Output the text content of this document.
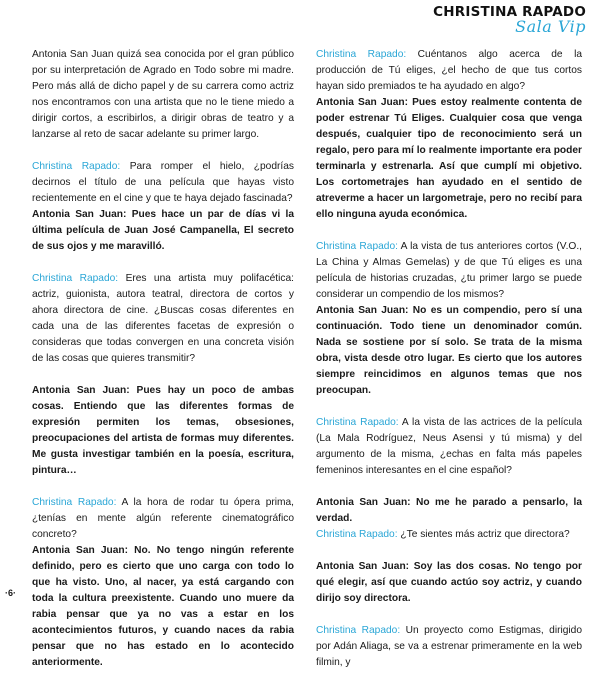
CHRISTINA RAPADO
Sala Vip

Antonia San Juan quizá sea conocida por el gran público por su interpretación de Agrado en Todo sobre mi madre. Pero más allá de dicho papel y de su carrera como actriz nos encontramos con una artista que no le tiene miedo a dirigir cortos, a escribirlos, a dirigir obras de teatro y a lanzarse al reto de sacar adelante su primer largo.

Christina Rapado: Para romper el hielo, ¿podrías decirnos el título de una película que hayas visto recientemente en el cine y que te haya dejado fascinada?

Antonia San Juan: Pues hace un par de días vi la última película de Juan José Campanella, El secreto de sus ojos y me maravilló.

Christina Rapado: Eres una artista muy polifacética: actriz, guionista, autora teatral, directora de cortos y ahora directora de cine. ¿Buscas cosas diferentes en cada una de las diferentes facetas de expresión o consideras que todas convergen en una concreta visión de las cosas que quieres transmitir?

Antonia San Juan: Pues hay un poco de ambas cosas. Entiendo que las diferentes formas de expresión permiten los temas, obsesiones, preocupaciones del artista de formas muy diferentes. Me gusta investigar también en la poesía, escritura, pintura…

Christina Rapado: A la hora de rodar tu ópera prima, ¿tenías en mente algún referente cinematográfico concreto?

Antonia San Juan: No. No tengo ningún referente definido, pero es cierto que uno carga con todo lo que ha visto. Uno, al nacer, ya está cargando con toda la cultura preexistente. Cuando uno muere da rabia pensar que ya no vas a estar en los acontecimientos futuros, y cuando naces da rabia pensar que no has estado en lo acontecido anteriormente.

Christina Rapado: Cuéntanos algo acerca de la producción de Tú eliges, ¿el hecho de que tus cortos hayan sido premiados te ha ayudado en algo?

Antonia San Juan: Pues estoy realmente contenta de poder estrenar Tú Eliges. Cualquier cosa que venga después, cualquier tipo de reconocimiento será un regalo, pero para mí lo realmente importante era poder terminarla y estrenarla. Así que cumplí mi objetivo. Los cortometrajes han ayudado en el sentido de atreverme a hacer un largometraje, pero no recibí para ello ninguna ayuda económica.

Christina Rapado: A la vista de tus anteriores cortos (V.O., La China y Almas Gemelas) y de que Tú eliges es una película de historias cruzadas, ¿tu primer largo se puede considerar un compendio de los mismos?

Antonia San Juan: No es un compendio, pero sí una continuación. Todo tiene un denominador común. Nada se sostiene por sí solo. Se trata de la misma obra, vista desde otro lugar. Es cierto que los autores siempre reincidimos en algunos temas que nos preocupan.

Christina Rapado: A la vista de las actrices de la película (La Mala Rodríguez, Neus Asensi y tú misma) y del argumento de la misma, ¿echas en falta más papeles femeninos interesantes en el cine español?

Antonia San Juan: No me he parado a pensarlo, la verdad.

Christina Rapado: ¿Te sientes más actriz que directora?

Antonia San Juan: Soy las dos cosas. No tengo por qué elegir, así que cuando actúo soy actriz, y cuando dirijo soy directora.

Christina Rapado: Un proyecto como Estigmas, dirigido por Adán Aliaga, se va a estrenar primeramente en la web filmin, y

·6·
